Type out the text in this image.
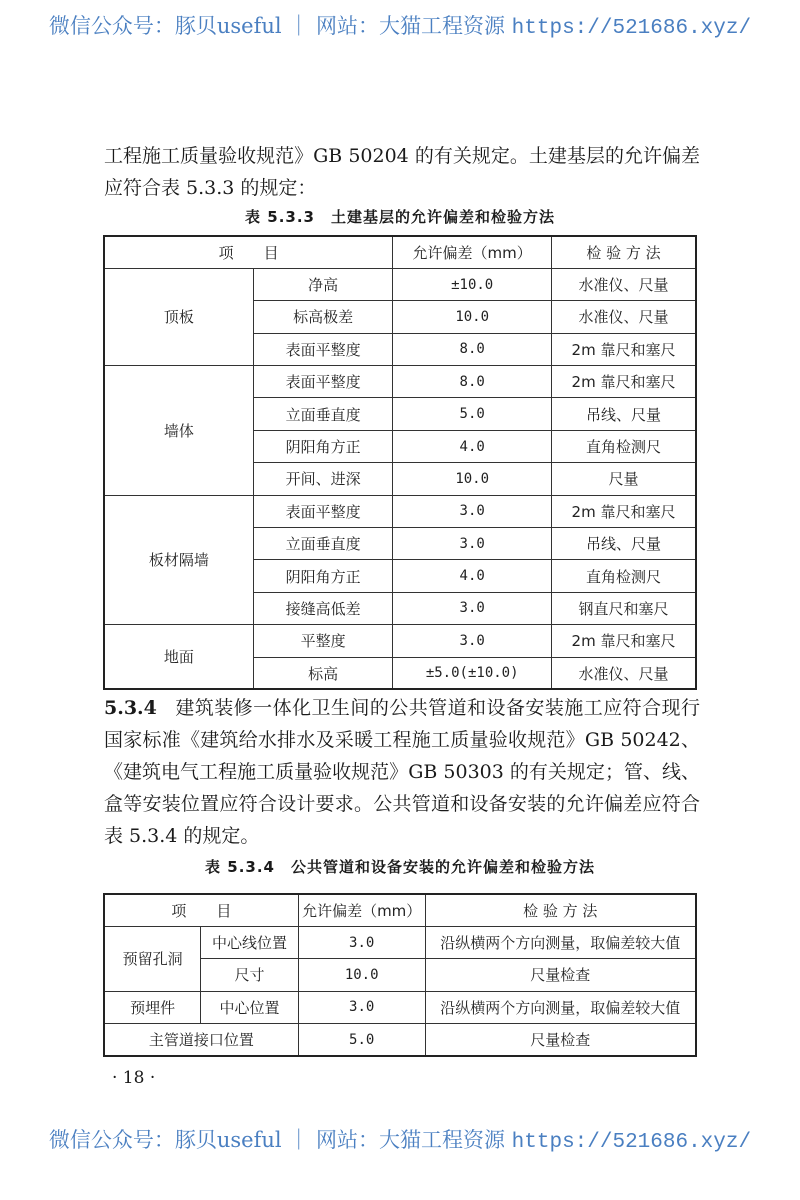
微信公众号：豚贝useful ｜ 网站：大猫工程资源 https://521686.xyz/
工程施工质量验收规范》GB 50204 的有关规定。土建基层的允许偏差应符合表 5.3.3 的规定：
表 5.3.3　土建基层的允许偏差和检验方法
项　　目		允许偏差（mm）	检 验 方 法
顶板	净高	±10.0	水准仪、尺量
	标高极差	10.0	水准仪、尺量
	表面平整度	8.0	2m 靠尺和塞尺
墙体	表面平整度	8.0	2m 靠尺和塞尺
	立面垂直度	5.0	吊线、尺量
	阴阳角方正	4.0	直角检测尺
	开间、进深	10.0	尺量
板材隔墙	表面平整度	3.0	2m 靠尺和塞尺
	立面垂直度	3.0	吊线、尺量
	阴阳角方正	4.0	直角检测尺
	接缝高低差	3.0	钢直尺和塞尺
地面	平整度	3.0	2m 靠尺和塞尺
	标高	±5.0(±10.0)	水准仪、尺量
5.3.4 建筑装修一体化卫生间的公共管道和设备安装施工应符合现行国家标准《建筑给水排水及采暖工程施工质量验收规范》GB 50242、《建筑电气工程施工质量验收规范》GB 50303 的有关规定；管、线、盒等安装位置应符合设计要求。公共管道和设备安装的允许偏差应符合表 5.3.4 的规定。
表 5.3.4　公共管道和设备安装的允许偏差和检验方法
项　　目		允许偏差（mm）	检 验 方 法
预留孔洞	中心线位置	3.0	沿纵横两个方向测量，取偏差较大值
	尺寸	10.0	尺量检查
预埋件	中心位置	3.0	沿纵横两个方向测量，取偏差较大值
主管道接口位置		5.0	尺量检查
· 18 ·
微信公众号：豚贝useful ｜ 网站：大猫工程资源 https://521686.xyz/
